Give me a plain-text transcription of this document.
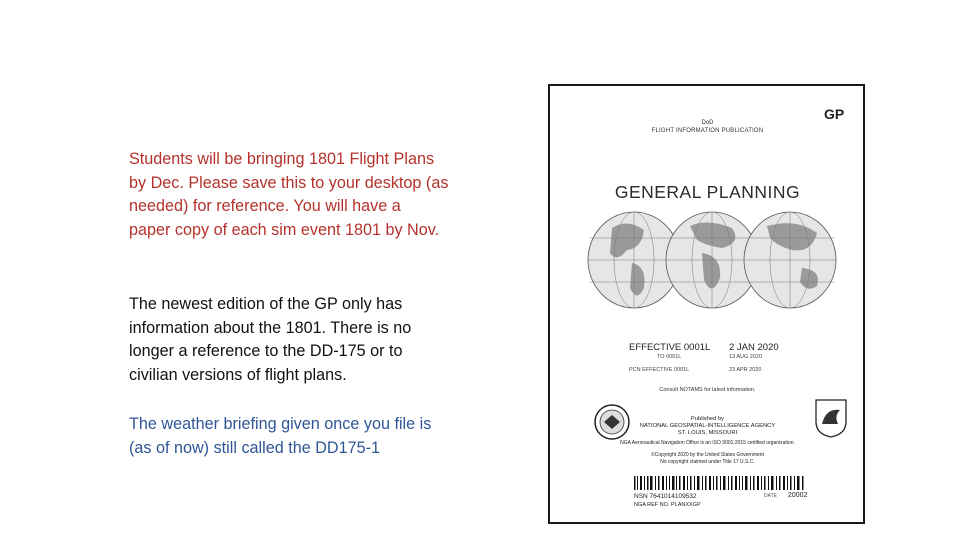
Students will be bringing 1801 Flight Plans
by Dec. Please save this to your desktop (as
needed) for reference. You will have a
paper copy of each sim event 1801 by Nov.

The newest edition of the GP only has
information about the 1801. There is no
longer a reference to the DD-175 or to
civilian versions of flight plans.

The weather briefing given once you file is
(as of now) still called the DD175-1

GP
DoD
FLIGHT INFORMATION PUBLICATION
GENERAL PLANNING
EFFECTIVE 0001L 2 JAN 2020
TO 0001L	13 AUG 2020
PCN EFFECTIVE 0001L	23 APR 2020
Consult NOTAMS for latest information.
Published by
NATIONAL GEOSPATIAL-INTELLIGENCE AGENCY
ST. LOUIS, MISSOURI
NGA Aeronautical Navigation Office is an ISO 9001:2015 certified organization.
©Copyright 2020 by the United States Government
No copyright claimed under Title 17 U.S.C.
NSN 7641014109532
NGA REF NO. PLANXXGP
DATE 20002
